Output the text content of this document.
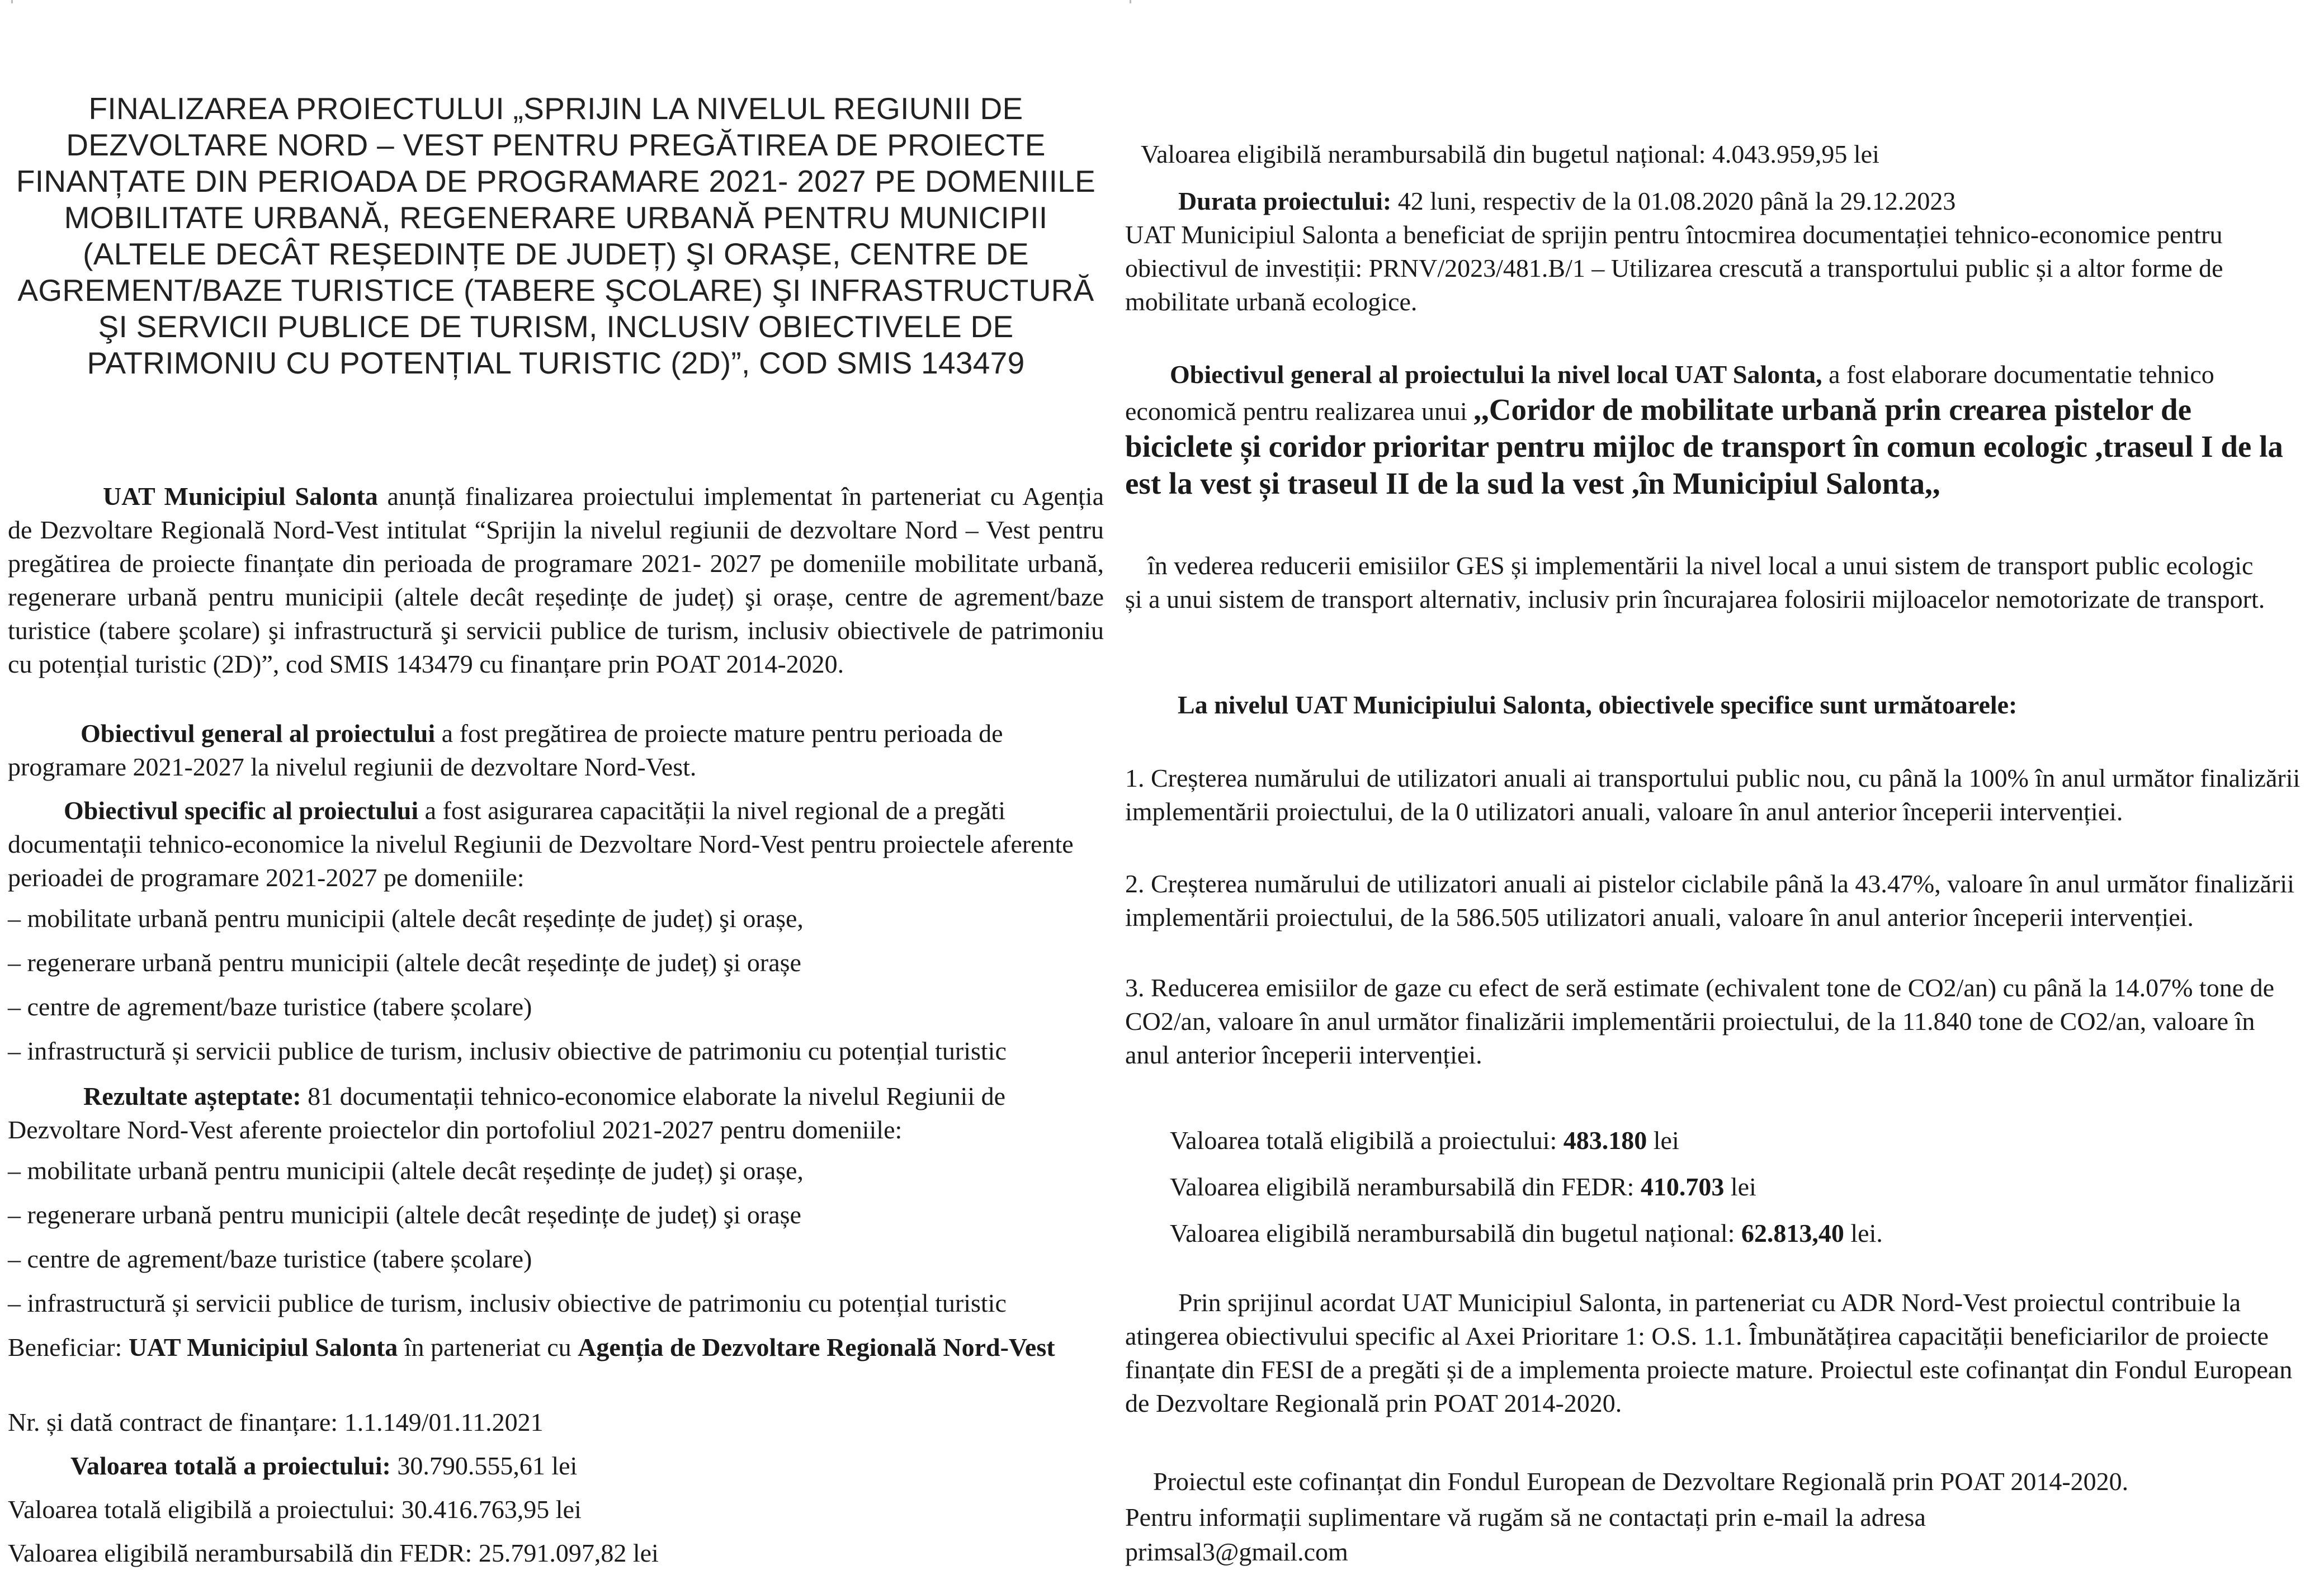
FINALIZAREA PROIECTULUI „SPRIJIN LA NIVELUL REGIUNII DE DEZVOLTARE NORD – VEST PENTRU PREGĂTIREA DE PROIECTE FINANȚATE DIN PERIOADA DE PROGRAMARE 2021- 2027 PE DOMENIILE MOBILITATE URBANĂ, REGENERARE URBANĂ PENTRU MUNICIPII (ALTELE DECÂT REȘEDINȚE DE JUDEȚ) ŞI ORAȘE, CENTRE DE AGREMENT/BAZE TURISTICE (TABERE ŞCOLARE) ŞI INFRASTRUCTURĂ ŞI SERVICII PUBLICE DE TURISM, INCLUSIV OBIECTIVELE DE PATRIMONIU CU POTENȚIAL TURISTIC (2D)”, COD SMIS 143479
UAT Municipiul Salonta anunță finalizarea proiectului implementat în parteneriat cu Agenția de Dezvoltare Regională Nord-Vest intitulat “Sprijin la nivelul regiunii de dezvoltare Nord – Vest pentru pregătirea de proiecte finanțate din perioada de programare 2021- 2027 pe domeniile mobilitate urbană, regenerare urbană pentru municipii (altele decât reședințe de județ) şi orașe, centre de agrement/baze turistice (tabere şcolare) şi infrastructură şi servicii publice de turism, inclusiv obiectivele de patrimoniu cu potențial turistic (2D)”, cod SMIS 143479 cu finanțare prin POAT 2014-2020.
Obiectivul general al proiectului a fost pregătirea de proiecte mature pentru perioada de programare 2021-2027 la nivelul regiunii de dezvoltare Nord-Vest.
Obiectivul specific al proiectului a fost asigurarea capacității la nivel regional de a pregăti documentații tehnico-economice la nivelul Regiunii de Dezvoltare Nord-Vest pentru proiectele aferente perioadei de programare 2021-2027 pe domeniile:
– mobilitate urbană pentru municipii (altele decât reședințe de județ) şi orașe,
– regenerare urbană pentru municipii (altele decât reședințe de județ) şi orașe
– centre de agrement/baze turistice (tabere școlare)
– infrastructură și servicii publice de turism, inclusiv obiective de patrimoniu cu potențial turistic
Rezultate așteptate: 81 documentații tehnico-economice elaborate la nivelul Regiunii de Dezvoltare Nord-Vest aferente proiectelor din portofoliul 2021-2027 pentru domeniile:
– mobilitate urbană pentru municipii (altele decât reședințe de județ) şi orașe,
– regenerare urbană pentru municipii (altele decât reședințe de județ) şi orașe
– centre de agrement/baze turistice (tabere școlare)
– infrastructură și servicii publice de turism, inclusiv obiective de patrimoniu cu potențial turistic
Beneficiar: UAT Municipiul Salonta în parteneriat cu Agenția de Dezvoltare Regională Nord-Vest
Nr. și dată contract de finanțare: 1.1.149/01.11.2021
Valoarea totală a proiectului: 30.790.555,61 lei
Valoarea totală eligibilă a proiectului: 30.416.763,95 lei
Valoarea eligibilă nerambursabilă din FEDR: 25.791.097,82 lei
Valoarea eligibilă nerambursabilă din bugetul național: 4.043.959,95 lei
Durata proiectului: 42 luni, respectiv de la 01.08.2020 până la 29.12.2023
UAT Municipiul Salonta a beneficiat de sprijin pentru întocmirea documentației tehnico-economice pentru obiectivul de investiții: PRNV/2023/481.B/1 – Utilizarea crescută a transportului public și a altor forme de mobilitate urbană ecologice.
Obiectivul general al proiectului la nivel local UAT Salonta, a fost elaborare documentatie tehnico economică pentru realizarea unui ,,Coridor de mobilitate urbană prin crearea pistelor de biciclete și coridor prioritar pentru mijloc de transport în comun ecologic ,traseul I de la est la vest și traseul II de la sud la vest ,în Municipiul Salonta,,
în vederea reducerii emisiilor GES și implementării la nivel local a unui sistem de transport public ecologic și a unui sistem de transport alternativ, inclusiv prin încurajarea folosirii mijloacelor nemotorizate de transport.
La nivelul UAT Municipiului Salonta, obiectivele specifice sunt următoarele:
1. Creșterea numărului de utilizatori anuali ai transportului public nou, cu până la 100% în anul următor finalizării implementării proiectului, de la 0 utilizatori anuali, valoare în anul anterior începerii intervenției.
2. Creșterea numărului de utilizatori anuali ai pistelor ciclabile până la 43.47%, valoare în anul următor finalizării implementării proiectului, de la 586.505 utilizatori anuali, valoare în anul anterior începerii intervenției.
3. Reducerea emisiilor de gaze cu efect de seră estimate (echivalent tone de CO2/an) cu până la 14.07% tone de CO2/an, valoare în anul următor finalizării implementării proiectului, de la 11.840 tone de CO2/an, valoare în anul anterior începerii intervenției.
Valoarea totală eligibilă a proiectului: 483.180 lei
Valoarea eligibilă nerambursabilă din FEDR: 410.703 lei
Valoarea eligibilă nerambursabilă din bugetul național: 62.813,40 lei.
Prin sprijinul acordat UAT Municipiul Salonta, in parteneriat cu ADR Nord-Vest proiectul contribuie la atingerea obiectivului specific al Axei Prioritare 1: O.S. 1.1. Îmbunătățirea capacității beneficiarilor de proiecte finanțate din FESI de a pregăti și de a implementa proiecte mature. Proiectul este cofinanțat din Fondul European de Dezvoltare Regională prin POAT 2014-2020.
Proiectul este cofinanțat din Fondul European de Dezvoltare Regională prin POAT 2014-2020.
Pentru informații suplimentare vă rugăm să ne contactați prin e-mail la adresa
primsal3@gmail.com
